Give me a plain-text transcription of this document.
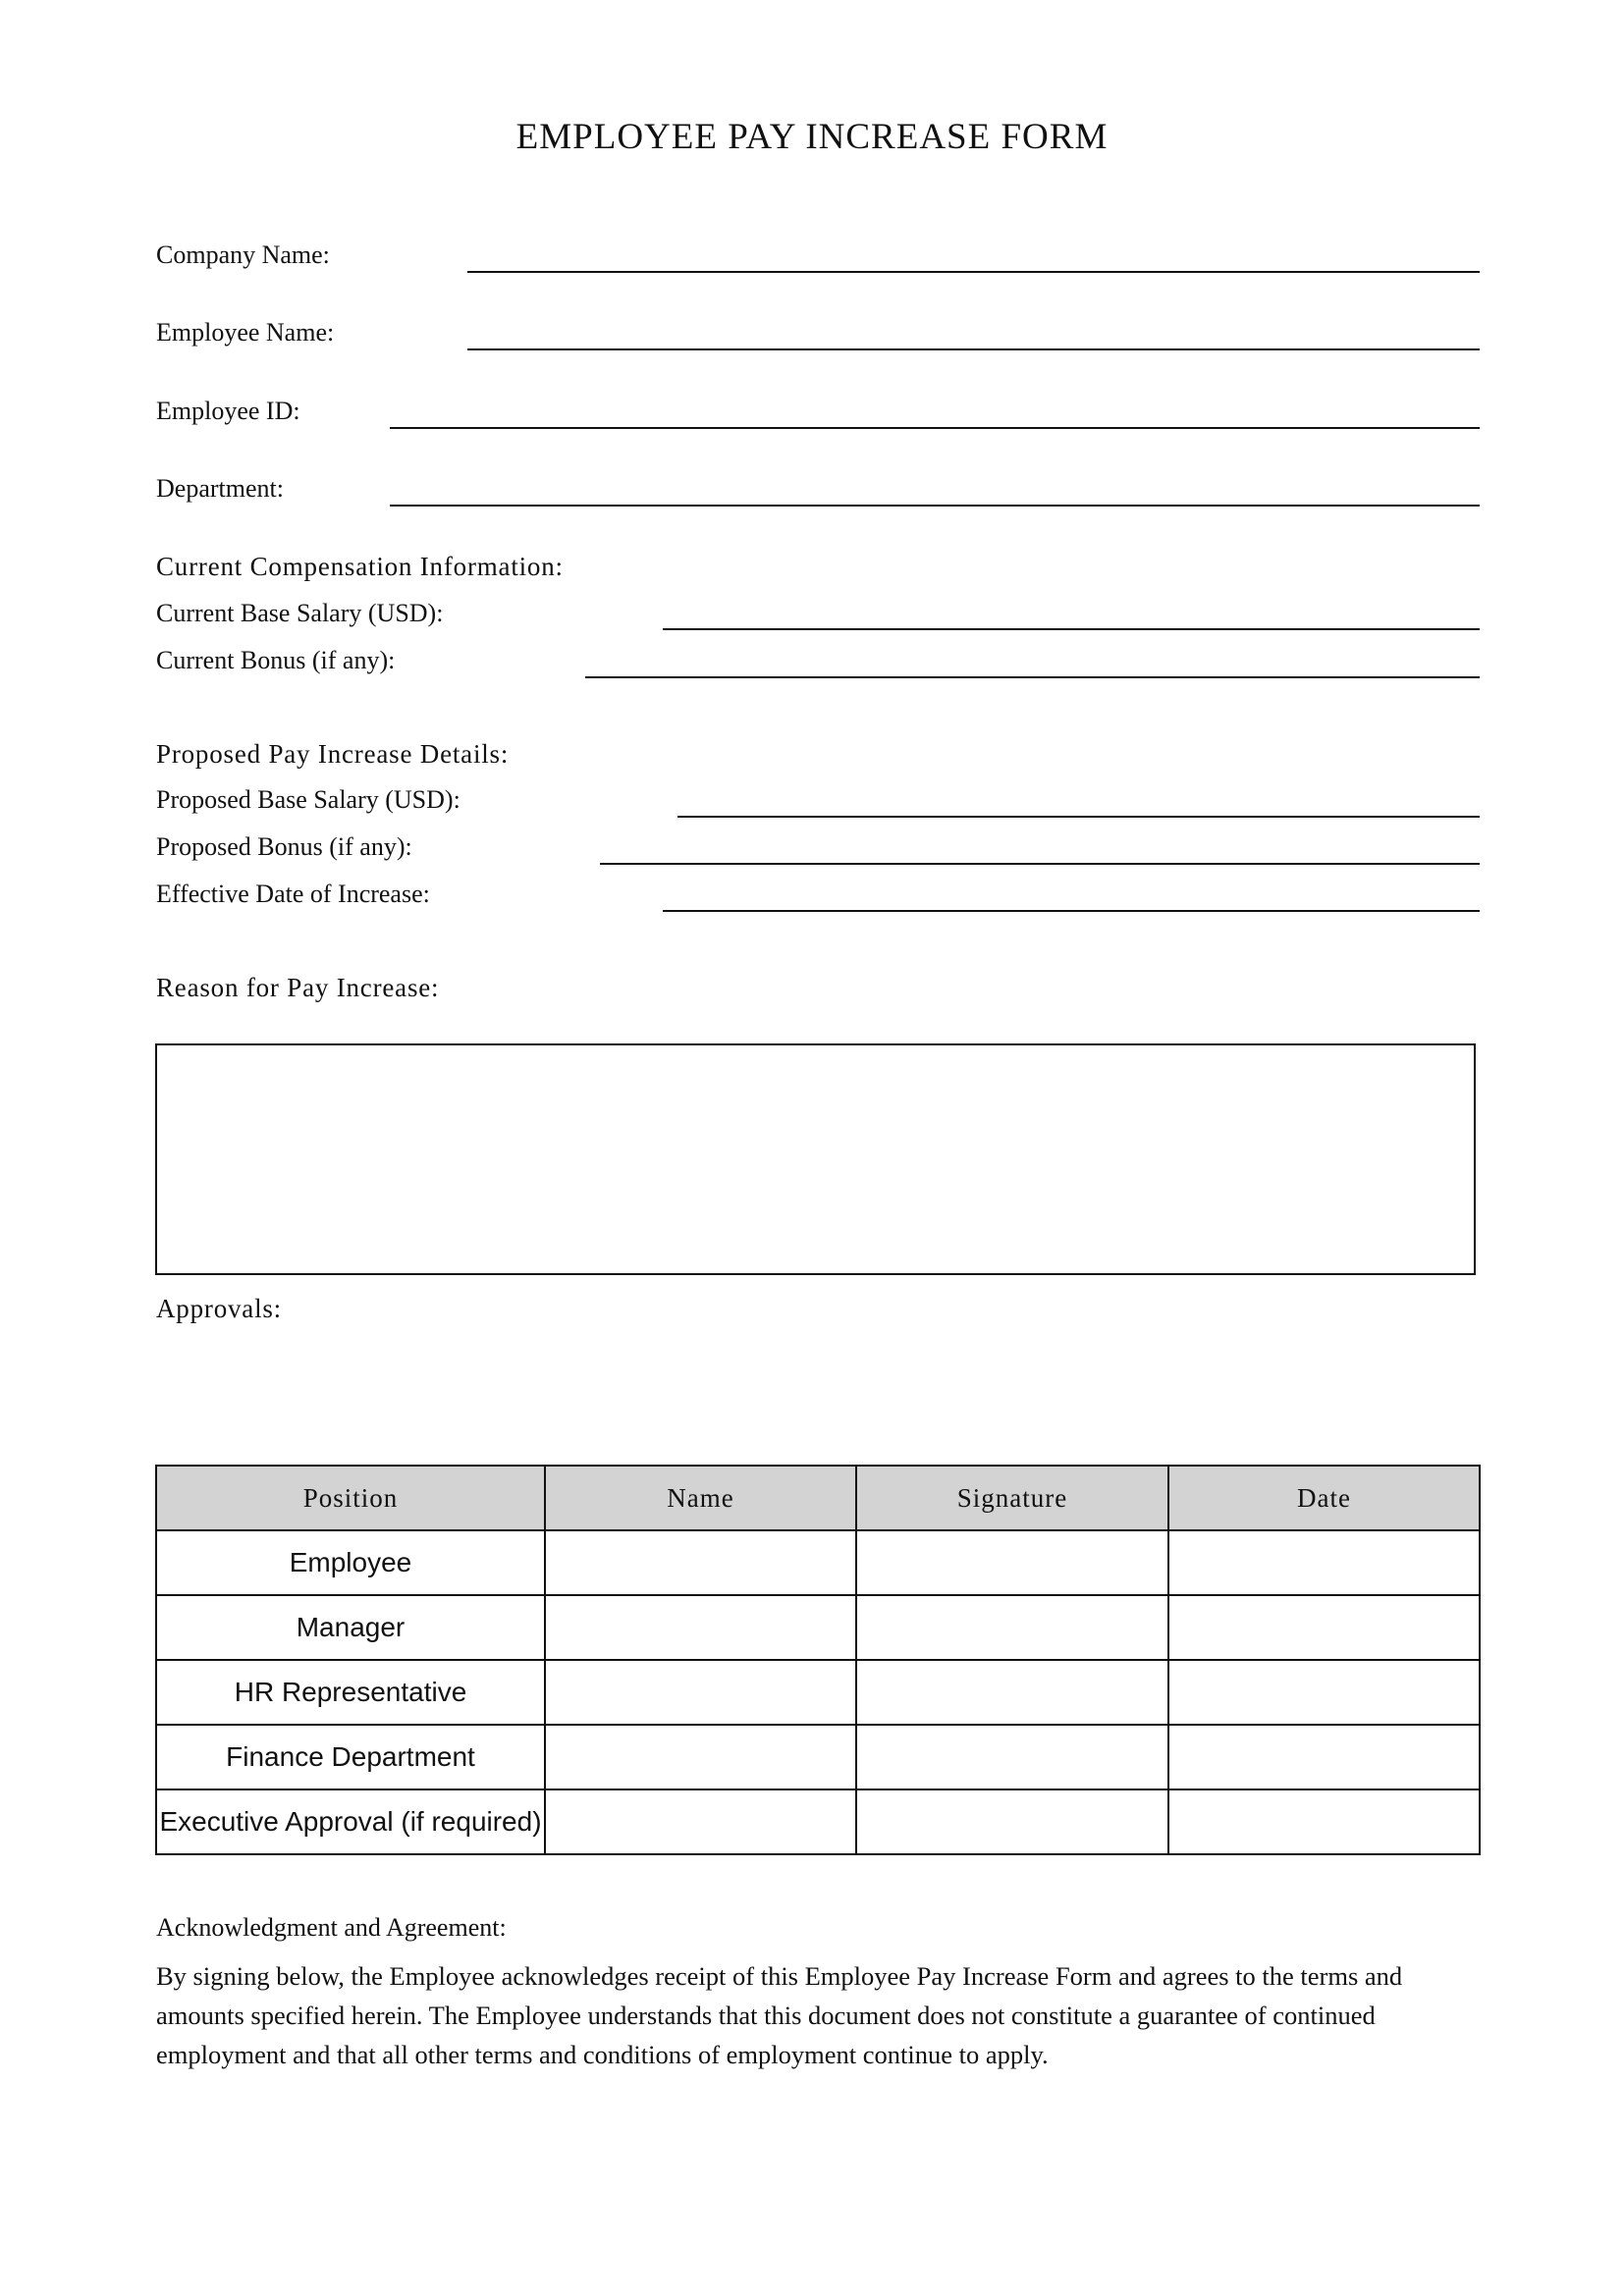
EMPLOYEE PAY INCREASE FORM
Company Name:
Employee Name:
Employee ID:
Department:
Current Compensation Information:
Current Base Salary (USD):
Current Bonus (if any):
Proposed Pay Increase Details:
Proposed Base Salary (USD):
Proposed Bonus (if any):
Effective Date of Increase:
Reason for Pay Increase:
Approvals:
Position	Name	Signature	Date
Employee			
Manager			
HR Representative			
Finance Department			
Executive Approval (if required)			
Acknowledgment and Agreement:
By signing below, the Employee acknowledges receipt of this Employee Pay Increase Form and agrees to the terms and amounts specified herein. The Employee understands that this document does not constitute a guarantee of continued employment and that all other terms and conditions of employment continue to apply.
